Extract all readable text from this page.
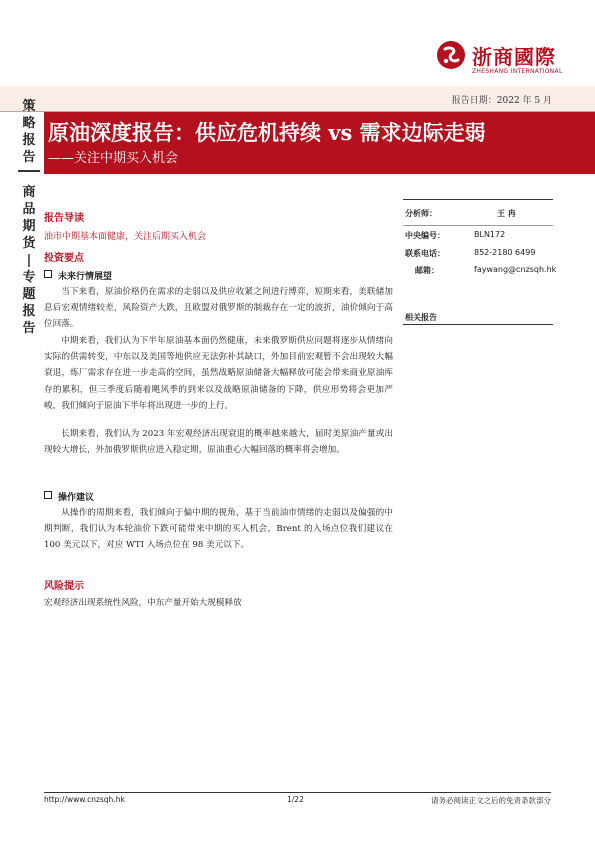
浙商國際
ZHESHANG INTERNATIONAL
报告日期：2022 年 5 月
策
略
报
告
商
品
期
货
|
专
题
报
告
原油深度报告：供应危机持续 vs 需求边际走弱
——关注中期买入机会
分析师：	王 冉
中央编号：	BLN172
联系电话：	852-2180 6499
邮箱：	faywang@cnzsqh.hk
相关报告
报告导读
油市中期基本面健康，关注后期买入机会
投资要点
未来行情展望
当下来看，原油价格仍在需求的走弱以及供应收紧之间进行博弈，短期来看，美联储加息后宏观情绪较差，风险资产大跌，且欧盟对俄罗斯的制裁存在一定的波折，油价倾向于高位回落。
中期来看，我们认为下半年原油基本面仍然健康，未来俄罗斯供应问题将逐步从情绪向实际的供需转变，中东以及美国等地供应无法弥补其缺口，外加目前宏观暂不会出现较大幅衰退，炼厂需求存在进一步走高的空间，虽然战略原油储备大幅释放可能会带来商业原油库存的累积，但三季度后随着飓风季的到来以及战略原油储备的下降，供应形势将会更加严峻，我们倾向于原油下半年将出现进一步的上行。
长期来看，我们认为 2023 年宏观经济出现衰退的概率越来越大，届时美原油产量或出现较大增长，外加俄罗斯供应进入稳定期，原油重心大幅回落的概率将会增加。
操作建议
从操作的周期来看，我们倾向于偏中期的视角，基于当前油市情绪的走弱以及偏强的中期判断，我们认为本轮油价下跌可能带来中期的买入机会，Brent 的入场点位我们建议在 100 美元以下，对应 WTI 入场点位在 98 美元以下。
风险提示
宏观经济出现系统性风险，中东产量开始大规模释放
http://www.cnzsqh.hk	1/22	请务必阅读正文之后的免责条款部分
